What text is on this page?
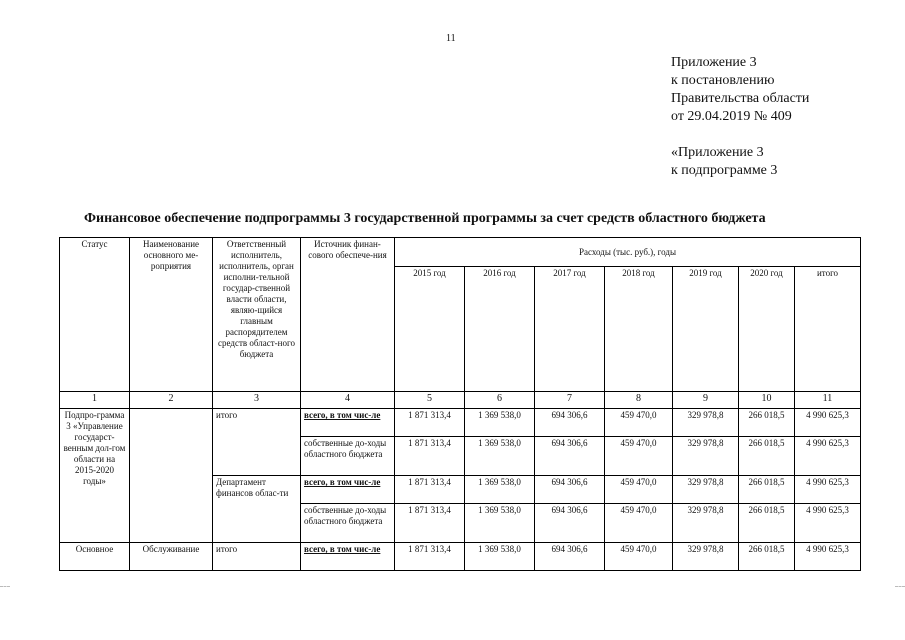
11
Приложение 3
к постановлению
Правительства области
от 29.04.2019 № 409
«Приложение 3
к подпрограмме 3
Финансовое обеспечение подпрограммы 3 государственной программы за счет средств областного бюджета
Статус	Наименование основного ме-роприятия	Ответственный исполнитель, исполнитель, орган исполни-тельной государ-ственной власти области, являю-щийся главным распорядителем средств област-ного бюджета	Источник финан-сового обеспече-ния	Расходы (тыс. руб.), годы						
				2015 год	2016 год	2017 год	2018 год	2019 год	2020 год	итого
1	2	3	4	5	6	7	8	9	10	11
Подпро-грамма 3 «Управление государст-венным дол-гом области на 2015-2020 годы»		итого	всего, в том чис-ле	1 871 313,4	1 369 538,0	694 306,6	459 470,0	329 978,8	266 018,5	4 990 625,3
			собственные до-ходы областного бюджета	1 871 313,4	1 369 538,0	694 306,6	459 470,0	329 978,8	266 018,5	4 990 625,3
		Департамент финансов облас-ти	всего, в том чис-ле	1 871 313,4	1 369 538,0	694 306,6	459 470,0	329 978,8	266 018,5	4 990 625,3
			собственные до-ходы областного бюджета	1 871 313,4	1 369 538,0	694 306,6	459 470,0	329 978,8	266 018,5	4 990 625,3
Основное	Обслуживание	итого	всего, в том чис-ле	1 871 313,4	1 369 538,0	694 306,6	459 470,0	329 978,8	266 018,5	4 990 625,3
